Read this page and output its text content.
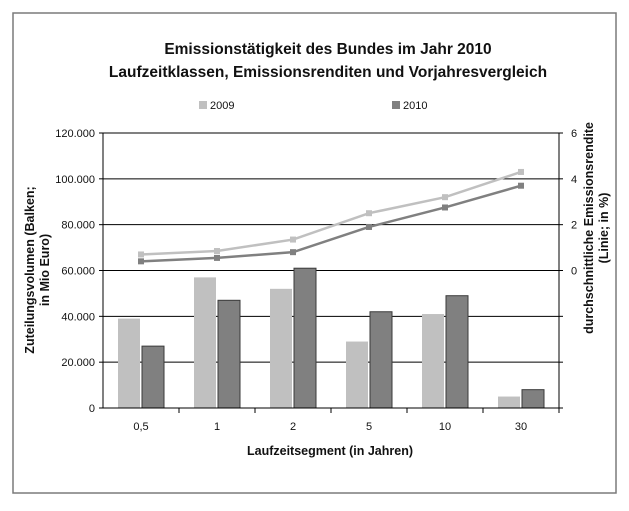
Emissionstätigkeit des Bundes im Jahr 2010
Laufzeitklassen, Emissionsrenditen und Vorjahresvergleich
2009	2010
0
20.000
40.000
60.000
80.000
100.000
120.000
0
2
4
6
0,5	1	2	5	10	30
Laufzeitsegment (in Jahren)
Zuteilungsvolumen (Balken; in Mio Euro)	durchschnittliche Emissionsrendite (Linie; in %)
